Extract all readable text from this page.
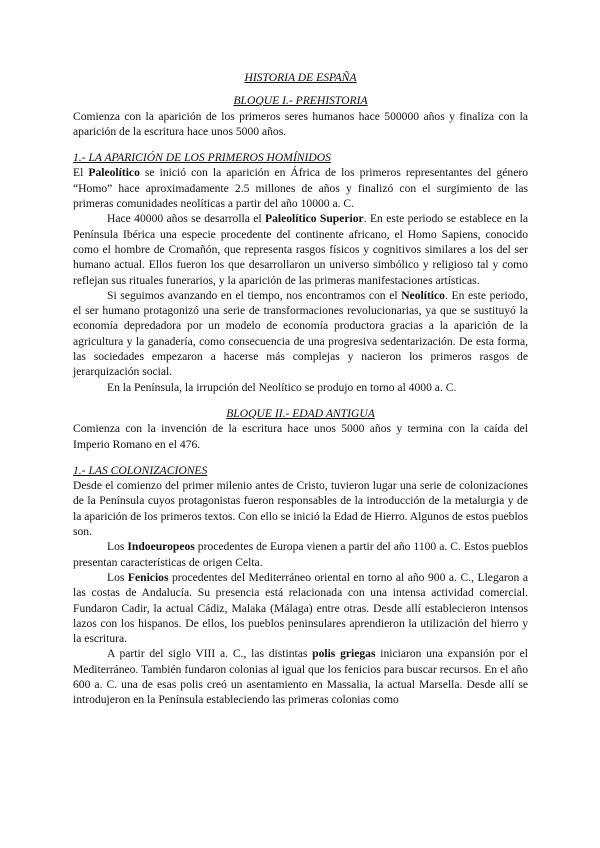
HISTORIA DE ESPAÑA
BLOQUE I.- PREHISTORIA

Comienza con la aparición de los primeros seres humanos hace 500000 años y finaliza con la aparición de la escritura hace unos 5000 años.

1.- LA APARICIÓN DE LOS PRIMEROS HOMÍNIDOS

El Paleolítico se inició con la aparición en África de los primeros representantes del género “Homo” hace aproximadamente 2.5 millones de años y finalizó con el surgimiento de las primeras comunidades neolíticas a partir del año 10000 a. C.

Hace 40000 años se desarrolla el Paleolítico Superior. En este periodo se establece en la Península Ibérica una especie procedente del continente africano, el Homo Sapiens, conocido como el hombre de Cromañón, que representa rasgos físicos y cognitivos similares a los del ser humano actual. Ellos fueron los que desarrollaron un universo simbólico y religioso tal y como reflejan sus rituales funerarios, y la aparición de las primeras manifestaciones artísticas.

Si seguimos avanzando en el tiempo, nos encontramos con el Neolítico. En este periodo, el ser humano protagonizó una serie de transformaciones revolucionarias, ya que se sustituyó la economía depredadora por un modelo de economía productora gracias a la aparición de la agricultura y la ganadería, como consecuencia de una progresiva sedentarización. De esta forma, las sociedades empezaron a hacerse más complejas y nacieron los primeros rasgos de jerarquización social.

En la Península, la irrupción del Neolítico se produjo en torno al 4000 a. C.

BLOQUE II.- EDAD ANTIGUA

Comienza con la invención de la escritura hace unos 5000 años y termina con la caída del Imperio Romano en el 476.

1.- LAS COLONIZACIONES

Desde el comienzo del primer milenio antes de Cristo, tuvieron lugar una serie de colonizaciones de la Península cuyos protagonistas fueron responsables de la introducción de la metalurgia y de la aparición de los primeros textos. Con ello se inició la Edad de Hierro. Algunos de estos pueblos son.

Los Indoeuropeos procedentes de Europa vienen a partir del año 1100 a. C. Estos pueblos presentan características de origen Celta.

Los Fenicios procedentes del Mediterráneo oriental en torno al año 900 a. C., Llegaron a las costas de Andalucía. Su presencia está relacionada con una intensa actividad comercial. Fundaron Cadir, la actual Cádiz, Malaka (Málaga) entre otras. Desde allí establecieron intensos lazos con los hispanos. De ellos, los pueblos peninsulares aprendieron la utilización del hierro y la escritura.

A partir del siglo VIII a. C., las distintas polis griegas iniciaron una expansión por el Mediterráneo. También fundaron colonias al igual que los fenicios para buscar recursos. En el año 600 a. C. una de esas polis creó un asentamiento en Massalia, la actual Marsella. Desde allí se introdujeron en la Península estableciendo las primeras colonias como
